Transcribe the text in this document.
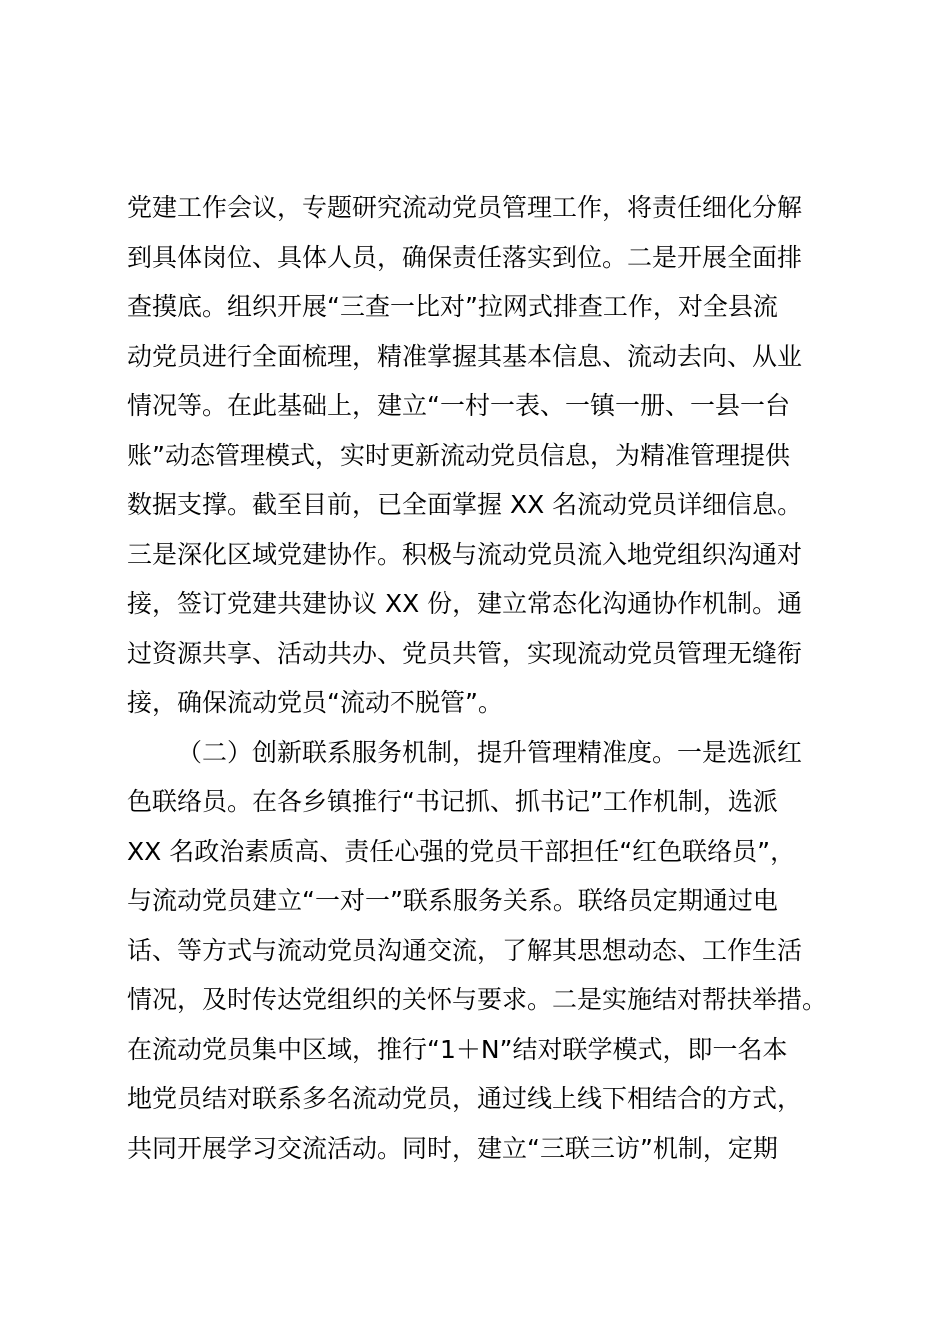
党建工作会议，专题研究流动党员管理工作，将责任细化分解
到具体岗位、具体人员，确保责任落实到位。二是开展全面排
查摸底。组织开展“三查一比对”拉网式排查工作，对全县流
动党员进行全面梳理，精准掌握其基本信息、流动去向、从业
情况等。在此基础上，建立“一村一表、一镇一册、一县一台
账”动态管理模式，实时更新流动党员信息，为精准管理提供
数据支撑。截至目前，已全面掌握 XX 名流动党员详细信息。
三是深化区域党建协作。积极与流动党员流入地党组织沟通对
接，签订党建共建协议 XX 份，建立常态化沟通协作机制。通
过资源共享、活动共办、党员共管，实现流动党员管理无缝衔
接，确保流动党员“流动不脱管”。
（二）创新联系服务机制，提升管理精准度。一是选派红
色联络员。在各乡镇推行“书记抓、抓书记”工作机制，选派
XX 名政治素质高、责任心强的党员干部担任“红色联络员”，
与流动党员建立“一对一”联系服务关系。联络员定期通过电
话、等方式与流动党员沟通交流，了解其思想动态、工作生活
情况，及时传达党组织的关怀与要求。二是实施结对帮扶举措。
在流动党员集中区域，推行“1＋N”结对联学模式，即一名本
地党员结对联系多名流动党员，通过线上线下相结合的方式，
共同开展学习交流活动。同时，建立“三联三访”机制，定期
